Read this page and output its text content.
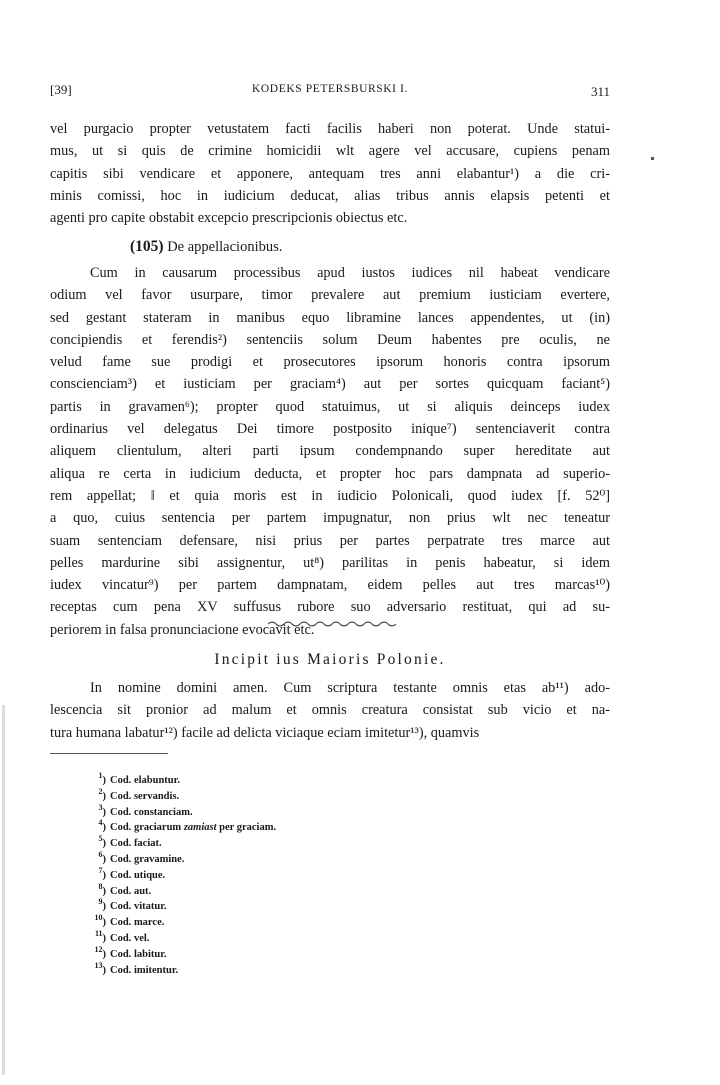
[39]	KODEKS PETERSBURSKI I.	311
vel purgacio propter vetustatem facti facilis haberi non poterat. Unde statui-
mus, ut si quis de crimine homicidii wlt agere vel accusare, cupiens penam
capitis sibi vendicare et apponere, antequam tres anni elabantur¹) a die cri-
minis comissi, hoc in iudicium deducat, alias tribus annis elapsis petenti et
agenti pro capite obstabit excepcio prescripcionis obiectus etc.
(105) De appellacionibus.
Cum in causarum processibus apud iustos iudices nil habeat vendicare
odium vel favor usurpare, timor prevalere aut premium iusticiam evertere,
sed gestant stateram in manibus equo libramine lances appendentes, ut (in)
concipiendis et ferendis²) sentenciis solum Deum habentes pre oculis, ne
velud fame sue prodigi et prosecutores ipsorum honoris contra ipsorum
conscienciam³) et iusticiam per graciam⁴) aut per sortes quicquam faciant⁵)
partis in gravamen⁶); propter quod statuimus, ut si aliquis deinceps iudex
ordinarius vel delegatus Dei timore postposito inique⁷) sentenciaverit contra
aliquem clientulum, alteri parti ipsum condempnando super hereditate aut
aliqua re certa in iudicium deducta, et propter hoc pars dampnata ad superio-
rem appellat; ‖ et quia moris est in iudicio Polonicali, quod iudex [f. 52⁰]
a quo, cuius sentencia per partem impugnatur, non prius wlt nec teneatur
suam sentenciam defensare, nisi prius per partes perpatrate tres marce aut
pelles mardurine sibi assignentur, ut⁸) parilitas in penis habeatur, si idem
iudex vincatur⁹) per partem dampnatam, eidem pelles aut tres marcas¹⁰)
receptas cum pena XV suffusus rubore suo adversario restituat, qui ad su-
periorem in falsa pronunciacione evocavit etc.
Incipit ius Maioris Polonie.
In nomine domini amen. Cum scriptura testante omnis etas ab¹¹) ado-
lescencia sit pronior ad malum et omnis creatura consistat sub vicio et na-
tura humana labatur¹²) facile ad delicta viciaque eciam imitetur¹³), quamvis
$^1$) Cod. elabuntur.
$^2$) Cod. servandis.
$^3$) Cod. constanciam.
$^4$) Cod. graciarum zamiast per graciam.
$^5$) Cod. faciat.
$^6$) Cod. gravamine.
$^7$) Cod. utique.
$^8$) Cod. aut.
$^9$) Cod. vitatur.
$^{10}$) Cod. marce.
$^{11}$) Cod. vel.
$^{12}$) Cod. labitur.
$^{13}$) Cod. imitentur.
